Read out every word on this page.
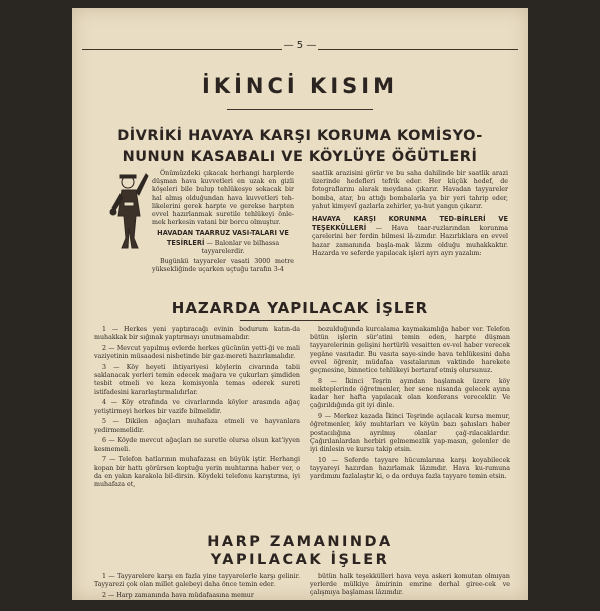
— 5 —
İKİNCİ KISIM
DİVRİKİ HAVAYA KARŞI KORUMA KOMİSYO-
NUNUN KASABALI VE KÖYLÜYE ÖĞÜTLERİ

Önümüzdeki çıkacak herhangi harplerde düşman hava kuvvetleri en uzak en gizli köşeleri bile bulup tehlükesye sokacak bir hal almış olduğundan hava kuvvetleri teh-likelerini gerek harpte ve gerekse harpten evvel hazırlanmak suretile tehlükeyi önle-mek herkesin vatani bir borcu olmuştur.

HAVADAN TAARRUZ VASI-TALARI VE TESİRLERİ — Balonlar ve bilhassa tayyarelerdir.

Bugünkü tayyareler vasati 3000 metre yüksekliğinde uçarken uçtuğu tarafın 3-4

saatlik arazisini görür ve bu saha dahilinde bir saatlik arazi üzerinde hedefleri tefrik eder. Her küçük hedef, de fotograflarını alarak meydana çıkarır. Havadan tayyareler bomba, atar, bu attığı bombalarla ya bir yeri tahrip eder, yahut kimyevî gazlarla zehirler, ya-hut yangın çıkarır.

HAVAYA KARŞI KORUNMA TED-BİRLERİ VE TEŞEKKÜLLERİ — Hava taar-ruzlarından korunma çarelerini her ferdin bilmesi lâ-zımdır. Hazırlıklara en evvel hazar zamanında başla-mak lâzım olduğu muhakkaktır. Hazarda ve seferde yapılacak işleri ayrı ayrı yazalım:

HAZARDA YAPILACAK İŞLER

1 — Herkes yeni yaptıracağı evinin bodurum katın-da muhakkak bir sığınak yaptırmayı unutmamalıdır.

2 — Mevcut yapılmış evlerde herkes gücünün yetti-ği ve mali vaziyetinin müsaadesi nisbetinde bir gaz-mereti hazırlamalıdır.

3 — Köy heyeti ihtiyariyesi köylerin civarında tabii saklanacak yerleri temin edecek mağara ve çukurları şimdiden tesbit etmeli ve keza komisyonla temas ederek sureti istifadesini kararlaştırmalıdırlar.

4 — Köy etrafında ve civarlarında köyler arasında ağaç yetiştirmeyi herkes bir vazife bilmelidir.

5 — Dikilen ağaçları muhafaza etmeli ve hayvanlara yedirmemelidir.

6 — Köyde mevcut ağaçları ne suretle olursa olsun kat'iyyen kesmemeli.

7 — Telefon hatlarının muhafazası en büyük iştir. Herhangi kopan bir hattı görürsen koptuğu yerin muhtarına haber ver, o da en yakın karakola bil-dirsin. Köydeki telefonu karıştırma, iyi muhafaza et,

bozulduğunda kurcalama kaymakamlığa haber ver. Telefon bütün işlerin sür'atini temin eden, harpte düşman tayyarelerinin gelişini hertürlü vesaitten ev-vel haber verecek yegâne vasıtadır. Bu vasıta saye-sinde hava tehlükesini daha evvel öğrenir, müdafaa vasıtalarının vaktinde harekete geçmesine, binnetice tehlükeyi bertaraf etmiş olursunuz.

8 — İkinci Teşrin ayından başlamak üzere köy mekteplerinde öğretmenler, her sene nisanda gelecek ayına kadar her hafta yapılacak olan konferans vereceklir. Ve çağırıldığında git iyi dinle.

9 — Merkez kazada İkinci Teşrinde açılacak kursa memur, öğretmenler, köy muhtarları ve köyün bazı şahısları haber postacılığına ayrılmış olanlar çağ-rılacaklardır. Çağırılanlardan herbiri gelmemezlik yap-masın, gelenler de iyi dinlesin ve kursu takip etsin.

10 — Seferde tayyare hücumlarına karşı koyabilecek tayyareyi hazırdan hazırlamak lâzımdır. Hava ku-rumuna yardımını fazlalaştır ki, o da orduya fazla tayyare temin etsin.

HARP ZAMANINDA
YAPILACAK İŞLER

1 — Tayyarelere karşı en fazla yine tayyarelerle karşı gelinir. Tayyarezi çok olan millet galebeyi daha önce temin eder.

2 — Harp zamanında hava müdafaasına memur

bütün halk teşekkülleri hava veya askeri komutan olmıyan yerlerde mülkiye âmirinin emrine derhal giree-cek ve çalışmıya başlaması lâzımdır.

3 — Seferde tayyare geliş haberini alır almaz:
